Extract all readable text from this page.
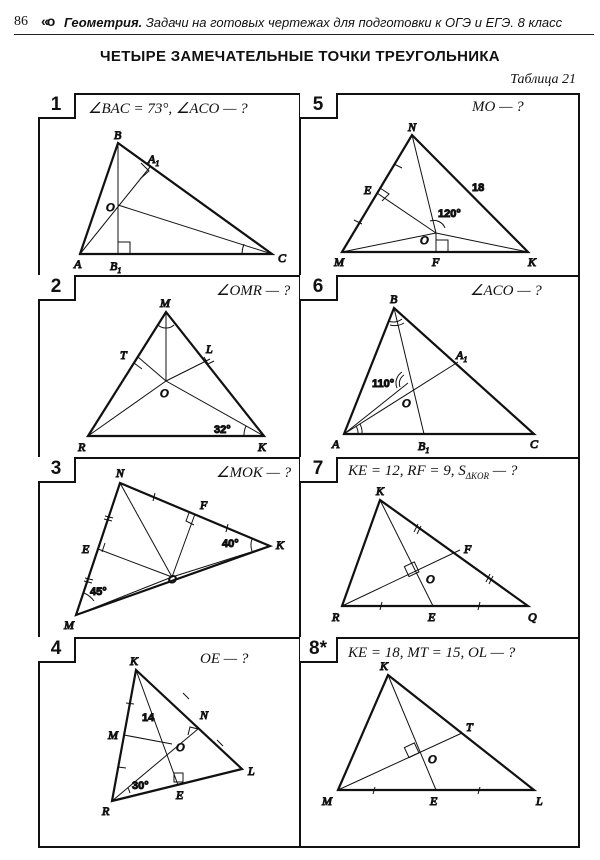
86 «о Геометрия. Задачи на готовых чертежах для подготовки к ОГЭ и ЕГЭ. 8 класс
ЧЕТЫРЕ ЗАМЕЧАТЕЛЬНЫЕ ТОЧКИ ТРЕУГОЛЬНИКА
Таблица 21
1	∠BAC = 73°, ∠ACO — ?
B
$A_1$
O
A $B_1$
C
5	MO — ?
N
E
O
M	F	K
18
120°
2	∠OMR — ?
M
T	L
O
R	K
32°
6	∠ACO — ?
B
$A_1$
O
A	$B_1$	C
110°
3	∠MOK — ?
N
F
E
O
K
M
40°
45°
7	KE = 12, RF = 9, $S_{\Delta KOR}$ — ?
K
F
O
R	E	Q
4	OE — ?
K
N
M
O
R
E
L
14
30°
8*	KE = 18, MT = 15, OL — ?
K
T
O
M	E	L
